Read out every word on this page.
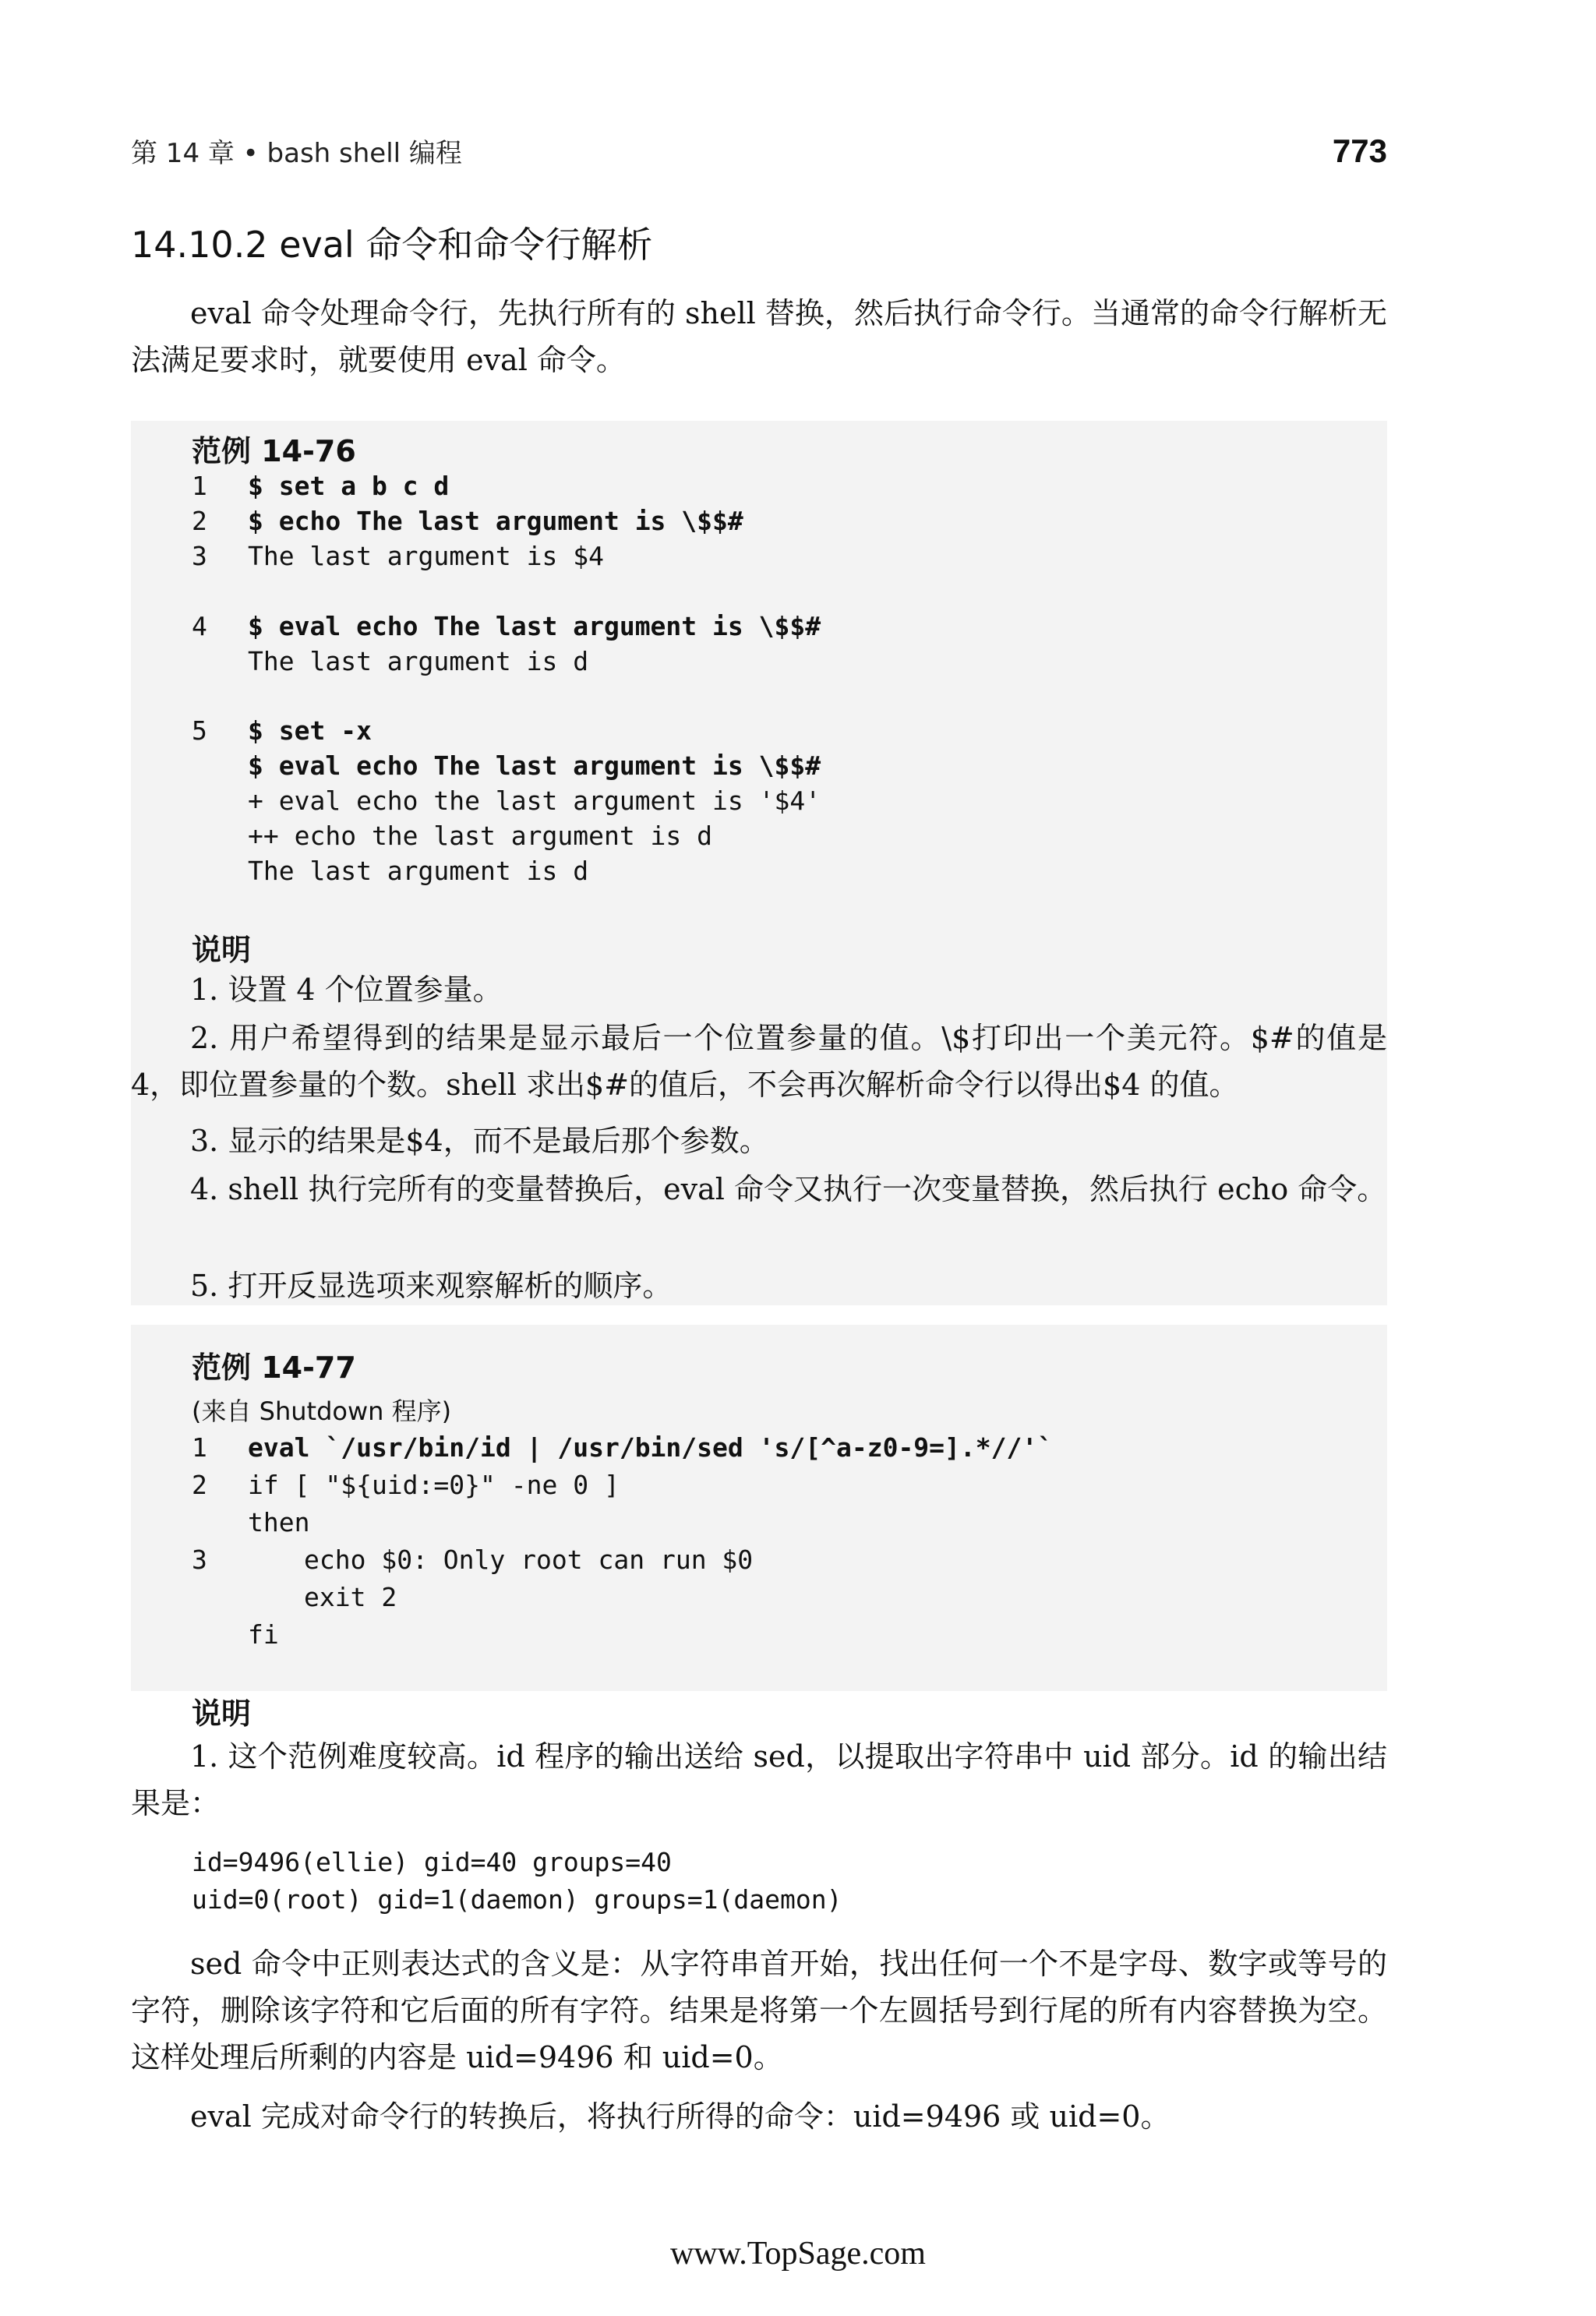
第 14 章 • bash shell 编程	773
14.10.2 eval 命令和命令行解析
eval 命令处理命令行，先执行所有的 shell 替换，然后执行命令行。当通常的命令行解析无法满足要求时，就要使用 eval 命令。
范例 14-76

1

$ set a b c d

2

$ echo The last argument is \$$#

3

The last argument is $4

4

$ eval echo The last argument is \$$#

The last argument is d

5

$ set -x

$ eval echo The last argument is \$$#

+ eval echo the last argument is '$4'

++ echo the last argument is d

The last argument is d

说明
1. 设置 4 个位置参量。
2. 用户希望得到的结果是显示最后一个位置参量的值。\$打印出一个美元符。$#的值是 4，即位置参量的个数。shell 求出$#的值后，不会再次解析命令行以得出$4 的值。
3. 显示的结果是$4，而不是最后那个参数。
4. shell 执行完所有的变量替换后，eval 命令又执行一次变量替换，然后执行 echo 命令。
5. 打开反显选项来观察解析的顺序。
范例 14-77
(来自 Shutdown 程序)

1

eval `/usr/bin/id | /usr/bin/sed 's/[^a-z0-9=].*//'`

2

if [ "${uid:=0}" -ne 0 ]

then

3

	echo $0: Only root can run $0

exit 2

fi

说明
1. 这个范例难度较高。id 程序的输出送给 sed，以提取出字符串中 uid 部分。id 的输出结果是：
id=9496(ellie) gid=40 groups=40
uid=0(root) gid=1(daemon) groups=1(daemon)
sed 命令中正则表达式的含义是：从字符串首开始，找出任何一个不是字母、数字或等号的字符，删除该字符和它后面的所有字符。结果是将第一个左圆括号到行尾的所有内容替换为空。这样处理后所剩的内容是 uid=9496 和 uid=0。
eval 完成对命令行的转换后，将执行所得的命令：uid=9496 或 uid=0。
www.TopSage.com
